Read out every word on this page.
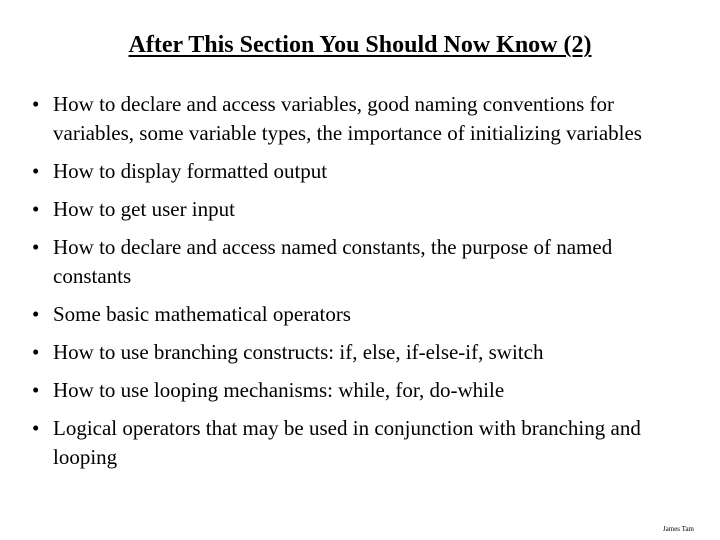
After This Section You Should Now Know (2)
• How to declare and access variables, good naming conventions for variables, some variable types, the importance of initializing variables
• How to display formatted output
• How to get user input
• How to declare and access named constants, the purpose of named constants
• Some basic mathematical operators
• How to use branching constructs: if, else, if-else-if, switch
• How to use looping mechanisms: while, for, do-while
• Logical operators that may be used in conjunction with branching and looping
James Tam
